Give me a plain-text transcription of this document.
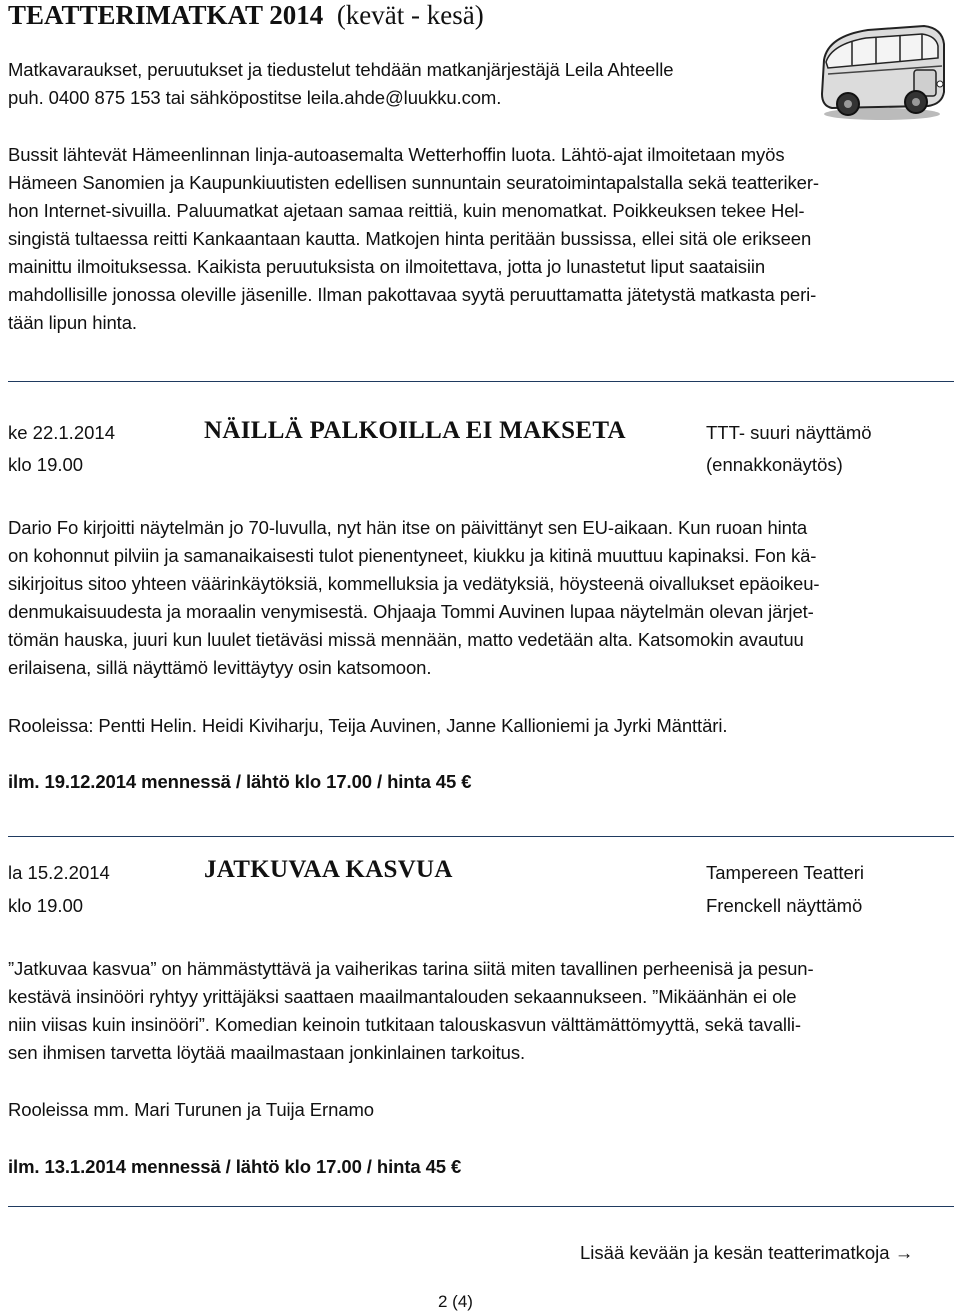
TEATTERIMATKAT 2014 (kevät - kesä)
Matkavaraukset, peruutukset ja tiedustelut tehdään matkanjärjestäjä Leila Ahteelle
puh. 0400 875 153 tai sähköpostitse leila.ahde@luukku.com.
Bussit lähtevät Hämeenlinnan linja-autoasemalta Wetterhoffin luota. Lähtö-ajat ilmoitetaan myös
Hämeen Sanomien ja Kaupunkiuutisten edellisen sunnuntain seuratoimintapalstalla sekä teatteriker-
hon Internet-sivuilla. Paluumatkat ajetaan samaa reittiä, kuin menomatkat. Poikkeuksen tekee Hel-
singistä tultaessa reitti Kankaantaan kautta. Matkojen hinta peritään bussissa, ellei sitä ole erikseen
mainittu ilmoituksessa. Kaikista peruutuksista on ilmoitettava, jotta jo lunastetut liput saataisiin
mahdollisille jonossa oleville jäsenille. Ilman pakottavaa syytä peruuttamatta jätetystä matkasta peri-
tään lipun hinta.
ke 22.1.2014
klo 19.00
NÄILLÄ PALKOILLA EI MAKSETA	TTT- suuri näyttämö
(ennakkonäytös)
Dario Fo kirjoitti näytelmän jo 70-luvulla, nyt hän itse on päivittänyt sen EU-aikaan. Kun ruoan hinta
on kohonnut pilviin ja samanaikaisesti tulot pienentyneet, kiukku ja kitinä muuttuu kapinaksi. Fon kä-
sikirjoitus sitoo yhteen väärinkäytöksiä, kommelluksia ja vedätyksiä, höysteenä oivallukset epäoikeu-
denmukaisuudesta ja moraalin venymisestä. Ohjaaja Tommi Auvinen lupaa näytelmän olevan järjet-
tömän hauska, juuri kun luulet tietäväsi missä mennään, matto vedetään alta. Katsomokin avautuu
erilaisena, sillä näyttämö levittäytyy osin katsomoon.
Rooleissa: Pentti Helin. Heidi Kiviharju, Teija Auvinen, Janne Kallioniemi ja Jyrki Mänttäri.
ilm. 19.12.2014 mennessä / lähtö klo 17.00 / hinta 45 €
la 15.2.2014
klo 19.00
JATKUVAA KASVUA	Tampereen Teatteri
Frenckell näyttämö
”Jatkuvaa kasvua” on hämmästyttävä ja vaiherikas tarina siitä miten tavallinen perheenisä ja pesun-
kestävä insinööri ryhtyy yrittäjäksi saattaen maailmantalouden sekaannukseen. ”Mikäänhän ei ole
niin viisas kuin insinööri”. Komedian keinoin tutkitaan talouskasvun välttämättömyyttä, sekä tavalli-
sen ihmisen tarvetta löytää maailmastaan jonkinlainen tarkoitus.
Rooleissa mm. Mari Turunen ja Tuija Ernamo
ilm. 13.1.2014 mennessä / lähtö klo 17.00 / hinta 45 €
Lisää kevään ja kesän teatterimatkoja →
2 (4)
